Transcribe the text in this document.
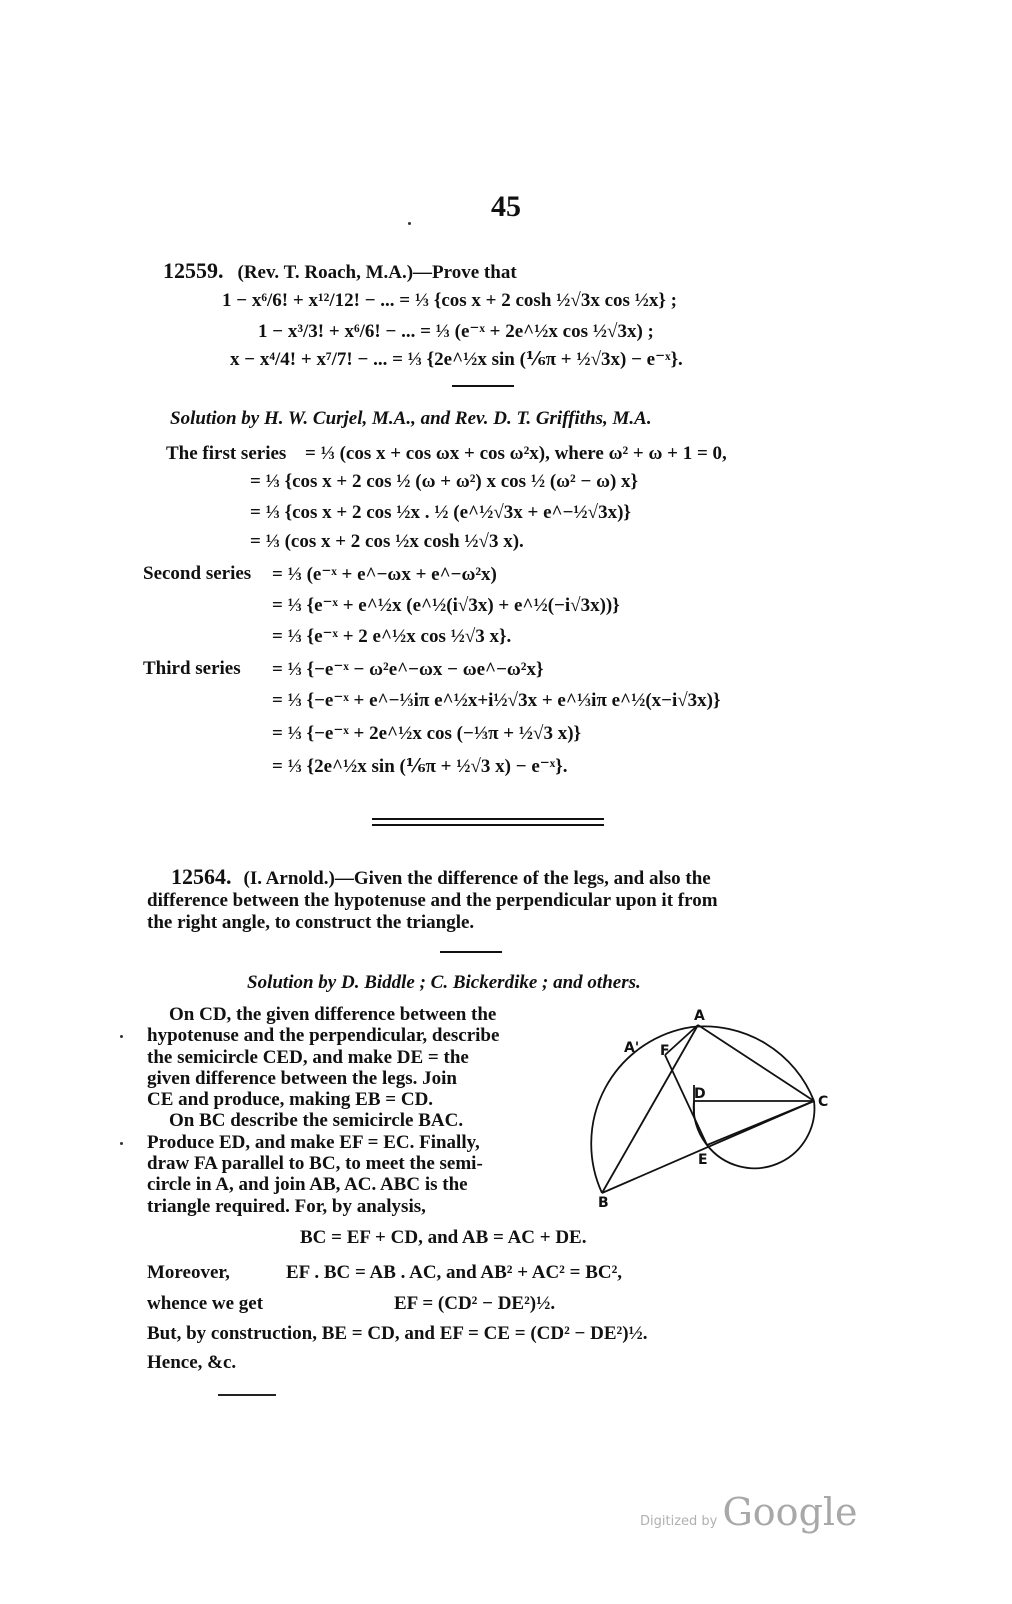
45
12559. (Rev. T. Roach, M.A.)—Prove that
1 − x⁶/6! + x¹²/12! − ... = ⅓ {cos x + 2 cosh ½√3x cos ½x} ;
1 − x³/3! + x⁶/6! − ... = ⅓ (e⁻ˣ + 2e^½x cos ½√3x) ;
x − x⁴/4! + x⁷/7! − ... = ⅓ {2e^½x sin (⅙π + ½√3x) − e⁻ˣ}.
Solution by H. W. Curjel, M.A., and Rev. D. T. Griffiths, M.A.
The first series = ⅓ (cos x + cos ωx + cos ω²x), where ω² + ω + 1 = 0,
= ⅓ {cos x + 2 cos ½ (ω + ω²) x cos ½ (ω² − ω) x}
= ⅓ {cos x + 2 cos ½x . ½ (e^½√3x + e^−½√3x)}
= ⅓ (cos x + 2 cos ½x cosh ½√3 x).
Second series = ⅓ (e⁻ˣ + e^−ωx + e^−ω²x)
= ⅓ {e⁻ˣ + e^½x (e^½(i√3x) + e^½(−i√3x))}
= ⅓ {e⁻ˣ + 2 e^½x cos ½√3 x}.
Third series = ⅓ {−e⁻ˣ − ω²e^−ωx − ωe^−ω²x}
= ⅓ {−e⁻ˣ + e^−⅓iπ e^½x+i½√3x + e^⅓iπ e^½(x−i√3x)}
= ⅓ {−e⁻ˣ + 2e^½x cos (−⅓π + ½√3 x)}
= ⅓ {2e^½x sin (⅙π + ½√3 x) − e⁻ˣ}.
12564. (I. Arnold.)—Given the difference of the legs, and also the
difference between the hypotenuse and the perpendicular upon it from
the right angle, to construct the triangle.
Solution by D. Biddle ; C. Bickerdike ; and others.
On CD, the given difference between the
hypotenuse and the perpendicular, describe
the semicircle CED, and make DE = the
given difference between the legs. Join
CE and produce, making EB = CD.
On BC describe the semicircle BAC.
Produce ED, and make EF = EC. Finally,
draw FA parallel to BC, to meet the semi-
circle in A, and join AB, AC. ABC is the
triangle required. For, by analysis,
A
A' F
D	C
E
B
BC = EF + CD, and AB = AC + DE.
Moreover,	EF . BC = AB . AC, and AB² + AC² = BC²,
whence we get	EF = (CD² − DE²)½.
But, by construction, BE = CD, and EF = CE = (CD² − DE²)½.
Hence, &c.
Digitized by Google
